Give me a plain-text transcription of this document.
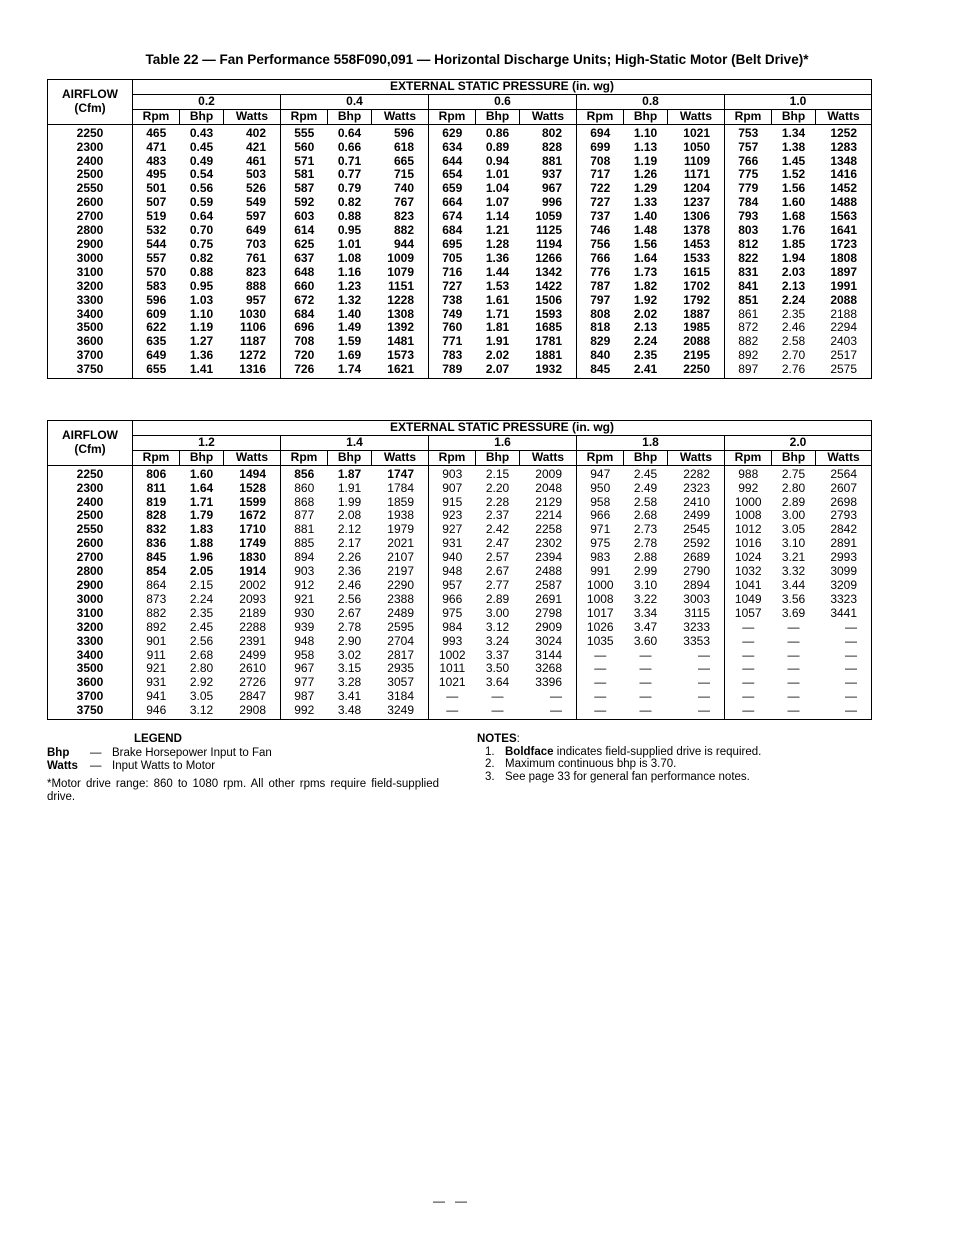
Table 22 — Fan Performance 558F090,091 — Horizontal Discharge Units; High-Static Motor (Belt Drive)*
AIRFLOW
(Cfm)	EXTERNAL STATIC PRESSURE (in. wg)														
	0.2			0.4			0.6			0.8			1.0		
	Rpm	Bhp	Watts	Rpm	Bhp	Watts	Rpm	Bhp	Watts	Rpm	Bhp	Watts	Rpm	Bhp	Watts
2250	465	0.43	402	555	0.64	596	629	0.86	802	694	1.10	1021	753	1.34	1252
2300	471	0.45	421	560	0.66	618	634	0.89	828	699	1.13	1050	757	1.38	1283
2400	483	0.49	461	571	0.71	665	644	0.94	881	708	1.19	1109	766	1.45	1348
2500	495	0.54	503	581	0.77	715	654	1.01	937	717	1.26	1171	775	1.52	1416
2550	501	0.56	526	587	0.79	740	659	1.04	967	722	1.29	1204	779	1.56	1452
2600	507	0.59	549	592	0.82	767	664	1.07	996	727	1.33	1237	784	1.60	1488
2700	519	0.64	597	603	0.88	823	674	1.14	1059	737	1.40	1306	793	1.68	1563
2800	532	0.70	649	614	0.95	882	684	1.21	1125	746	1.48	1378	803	1.76	1641
2900	544	0.75	703	625	1.01	944	695	1.28	1194	756	1.56	1453	812	1.85	1723
3000	557	0.82	761	637	1.08	1009	705	1.36	1266	766	1.64	1533	822	1.94	1808
3100	570	0.88	823	648	1.16	1079	716	1.44	1342	776	1.73	1615	831	2.03	1897
3200	583	0.95	888	660	1.23	1151	727	1.53	1422	787	1.82	1702	841	2.13	1991
3300	596	1.03	957	672	1.32	1228	738	1.61	1506	797	1.92	1792	851	2.24	2088
3400	609	1.10	1030	684	1.40	1308	749	1.71	1593	808	2.02	1887	861	2.35	2188
3500	622	1.19	1106	696	1.49	1392	760	1.81	1685	818	2.13	1985	872	2.46	2294
3600	635	1.27	1187	708	1.59	1481	771	1.91	1781	829	2.24	2088	882	2.58	2403
3700	649	1.36	1272	720	1.69	1573	783	2.02	1881	840	2.35	2195	892	2.70	2517
3750	655	1.41	1316	726	1.74	1621	789	2.07	1932	845	2.41	2250	897	2.76	2575
AIRFLOW
(Cfm)	EXTERNAL STATIC PRESSURE (in. wg)														
	1.2			1.4			1.6			1.8			2.0		
	Rpm	Bhp	Watts	Rpm	Bhp	Watts	Rpm	Bhp	Watts	Rpm	Bhp	Watts	Rpm	Bhp	Watts
2250	806	1.60	1494	856	1.87	1747	903	2.15	2009	947	2.45	2282	988	2.75	2564
2300	811	1.64	1528	860	1.91	1784	907	2.20	2048	950	2.49	2323	992	2.80	2607
2400	819	1.71	1599	868	1.99	1859	915	2.28	2129	958	2.58	2410	1000	2.89	2698
2500	828	1.79	1672	877	2.08	1938	923	2.37	2214	966	2.68	2499	1008	3.00	2793
2550	832	1.83	1710	881	2.12	1979	927	2.42	2258	971	2.73	2545	1012	3.05	2842
2600	836	1.88	1749	885	2.17	2021	931	2.47	2302	975	2.78	2592	1016	3.10	2891
2700	845	1.96	1830	894	2.26	2107	940	2.57	2394	983	2.88	2689	1024	3.21	2993
2800	854	2.05	1914	903	2.36	2197	948	2.67	2488	991	2.99	2790	1032	3.32	3099
2900	864	2.15	2002	912	2.46	2290	957	2.77	2587	1000	3.10	2894	1041	3.44	3209
3000	873	2.24	2093	921	2.56	2388	966	2.89	2691	1008	3.22	3003	1049	3.56	3323
3100	882	2.35	2189	930	2.67	2489	975	3.00	2798	1017	3.34	3115	1057	3.69	3441
3200	892	2.45	2288	939	2.78	2595	984	3.12	2909	1026	3.47	3233	—	—	—
3300	901	2.56	2391	948	2.90	2704	993	3.24	3024	1035	3.60	3353	—	—	—
3400	911	2.68	2499	958	3.02	2817	1002	3.37	3144	—	—	—	—	—	—
3500	921	2.80	2610	967	3.15	2935	1011	3.50	3268	—	—	—	—	—	—
3600	931	2.92	2726	977	3.28	3057	1021	3.64	3396	—	—	—	—	—	—
3700	941	3.05	2847	987	3.41	3184	—	—	—	—	—	—	—	—	—
3750	946	3.12	2908	992	3.48	3249	—	—	—	—	—	—	—	—	—
LEGEND
Bhp	— Brake Horsepower Input to Fan
Watts	— Input Watts to Motor
*Motor drive range: 860 to 1080 rpm. All other rpms require field-supplied drive.
NOTES:
1. Boldface indicates field-supplied drive is required.
2. Maximum continuous bhp is 3.70.
3. See page 33 for general fan performance notes.
—   —
